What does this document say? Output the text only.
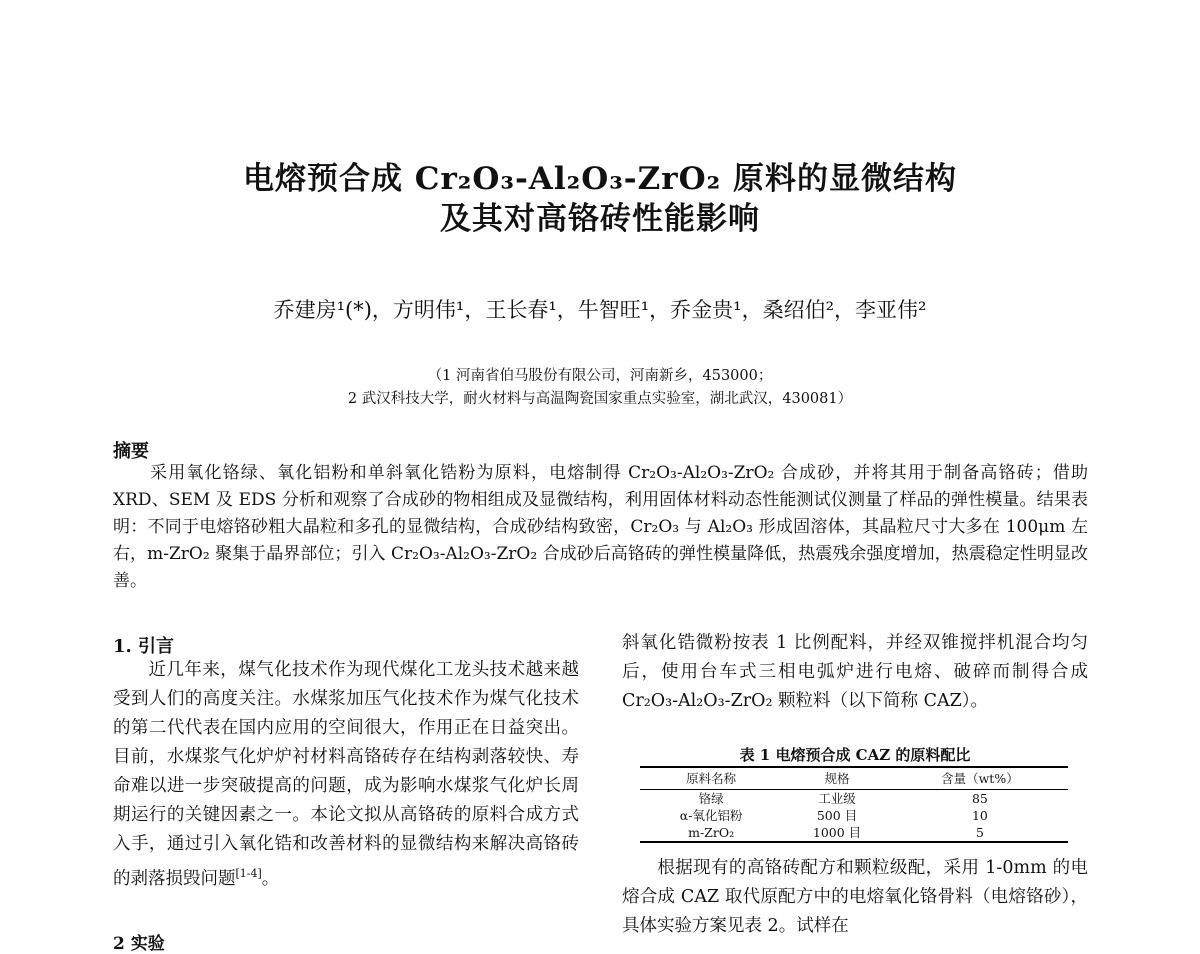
电熔预合成 Cr₂O₃-Al₂O₃-ZrO₂ 原料的显微结构
及其对高铬砖性能影响
乔建房¹(*)，方明伟¹，王长春¹，牛智旺¹，乔金贵¹，桑绍伯²，李亚伟²
（1 河南省伯马股份有限公司，河南新乡，453000；
2 武汉科技大学，耐火材料与高温陶瓷国家重点实验室，湖北武汉，430081）
摘要
采用氧化铬绿、氧化铝粉和单斜氧化锆粉为原料，电熔制得 Cr₂O₃-Al₂O₃-ZrO₂ 合成砂，并将其用于制备高铬砖；借助 XRD、SEM 及 EDS 分析和观察了合成砂的物相组成及显微结构，利用固体材料动态性能测试仪测量了样品的弹性模量。结果表明：不同于电熔铬砂粗大晶粒和多孔的显微结构，合成砂结构致密，Cr₂O₃ 与 Al₂O₃ 形成固溶体，其晶粒尺寸大多在 100μm 左右，m-ZrO₂ 聚集于晶界部位；引入 Cr₂O₃-Al₂O₃-ZrO₂ 合成砂后高铬砖的弹性模量降低，热震残余强度增加，热震稳定性明显改善。
1. 引言
近几年来，煤气化技术作为现代煤化工龙头技术越来越受到人们的高度关注。水煤浆加压气化技术作为煤气化技术的第二代代表在国内应用的空间很大，作用正在日益突出。目前，水煤浆气化炉炉衬材料高铬砖存在结构剥落较快、寿命难以进一步突破提高的问题，成为影响水煤浆气化炉长周期运行的关键因素之一。本论文拟从高铬砖的原料合成方式入手，通过引入氧化锆和改善材料的显微结构来解决高铬砖的剥落损毁问题[1-4]。
斜氧化锆微粉按表 1 比例配料，并经双锥搅拌机混合均匀后，使用台车式三相电弧炉进行电熔、破碎而制得合成 Cr₂O₃-Al₂O₃-ZrO₂ 颗粒料（以下简称 CAZ）。
表 1 电熔预合成 CAZ 的原料配比
原料名称	规格	含量（wt%）
铬绿	工业级	85
α-氧化铝粉	500 目	10
m-ZrO₂	1000 目	5
根据现有的高铬砖配方和颗粒级配，采用 1-0mm 的电熔合成 CAZ 取代原配方中的电熔氧化铬骨料（电熔铬砂），具体实验方案见表 2。试样在
2 实验
